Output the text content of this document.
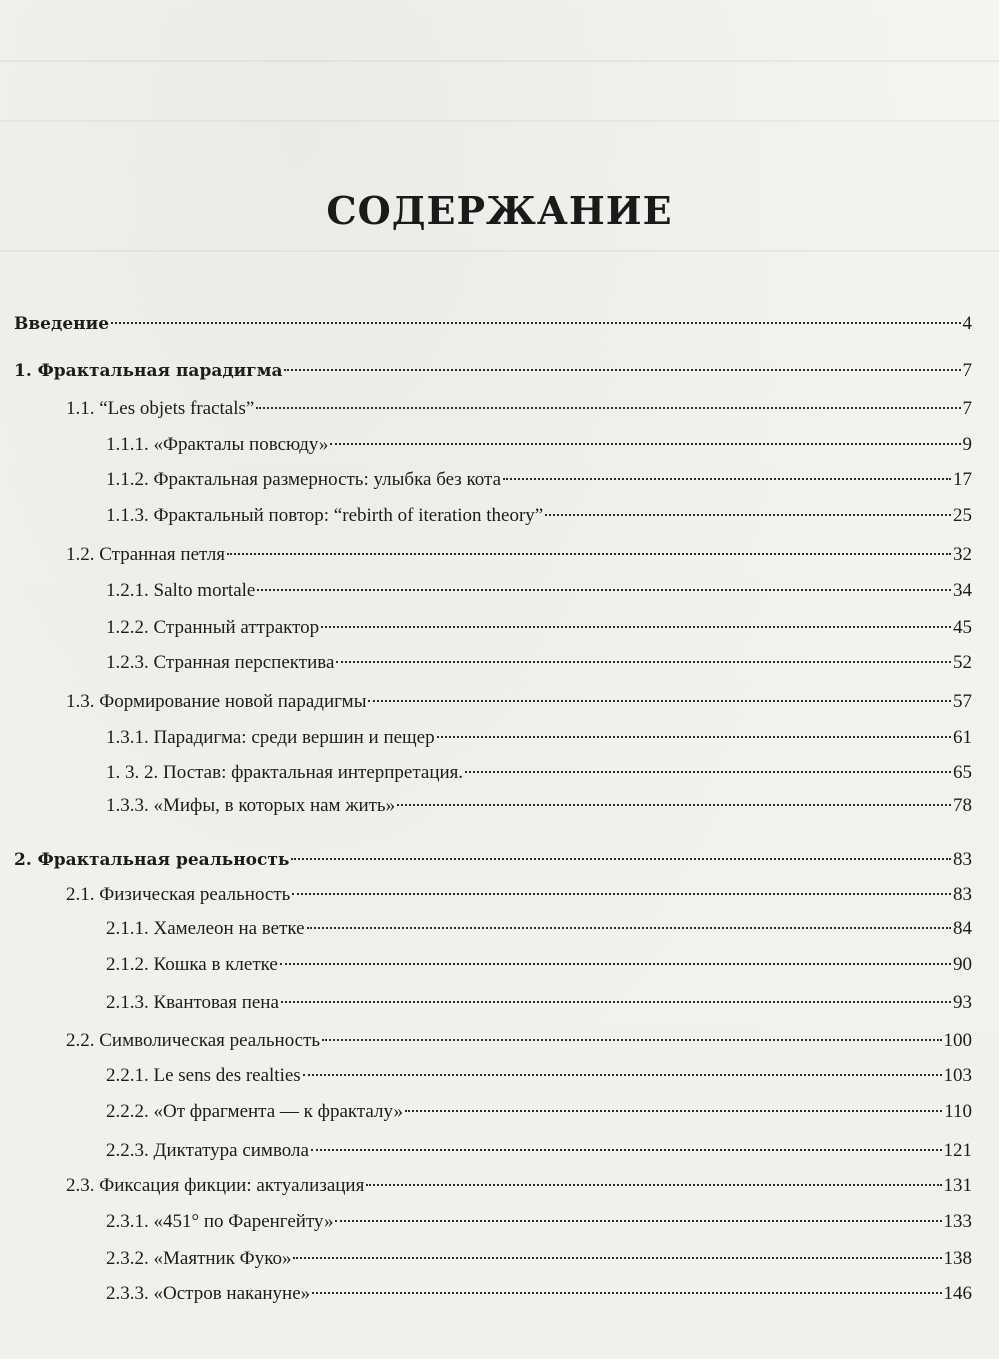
СОДЕРЖАНИЕ
Введение	4
1. Фрактальная парадигма	7
1.1. “Les objets fractals”	7
1.1.1. «Фракталы повсюду»	9
1.1.2. Фрактальная размерность: улыбка без кота	17
1.1.3. Фрактальный повтор: “rebirth of iteration theory”	25
1.2. Странная петля	32
1.2.1. Salto mortale	34
1.2.2. Странный аттрактор	45
1.2.3. Странная перспектива	52
1.3. Формирование новой парадигмы	57
1.3.1. Парадигма: среди вершин и пещер	61
1. 3. 2. Постав: фрактальная интерпретация.	65
1.3.3. «Мифы, в которых нам жить»	78
2. Фрактальная реальность	83
2.1. Физическая реальность	83
2.1.1. Хамелеон на ветке	84
2.1.2. Кошка в клетке	90
2.1.3. Квантовая пена	93
2.2. Символическая реальность	100
2.2.1. Le sens des realties	103
2.2.2. «От фрагмента — к фракталу»	110
2.2.3. Диктатура символа	121
2.3. Фиксация фикции: актуализация	131
2.3.1. «451° по Фаренгейту»	133
2.3.2. «Маятник Фуко»	138
2.3.3. «Остров накануне»	146
